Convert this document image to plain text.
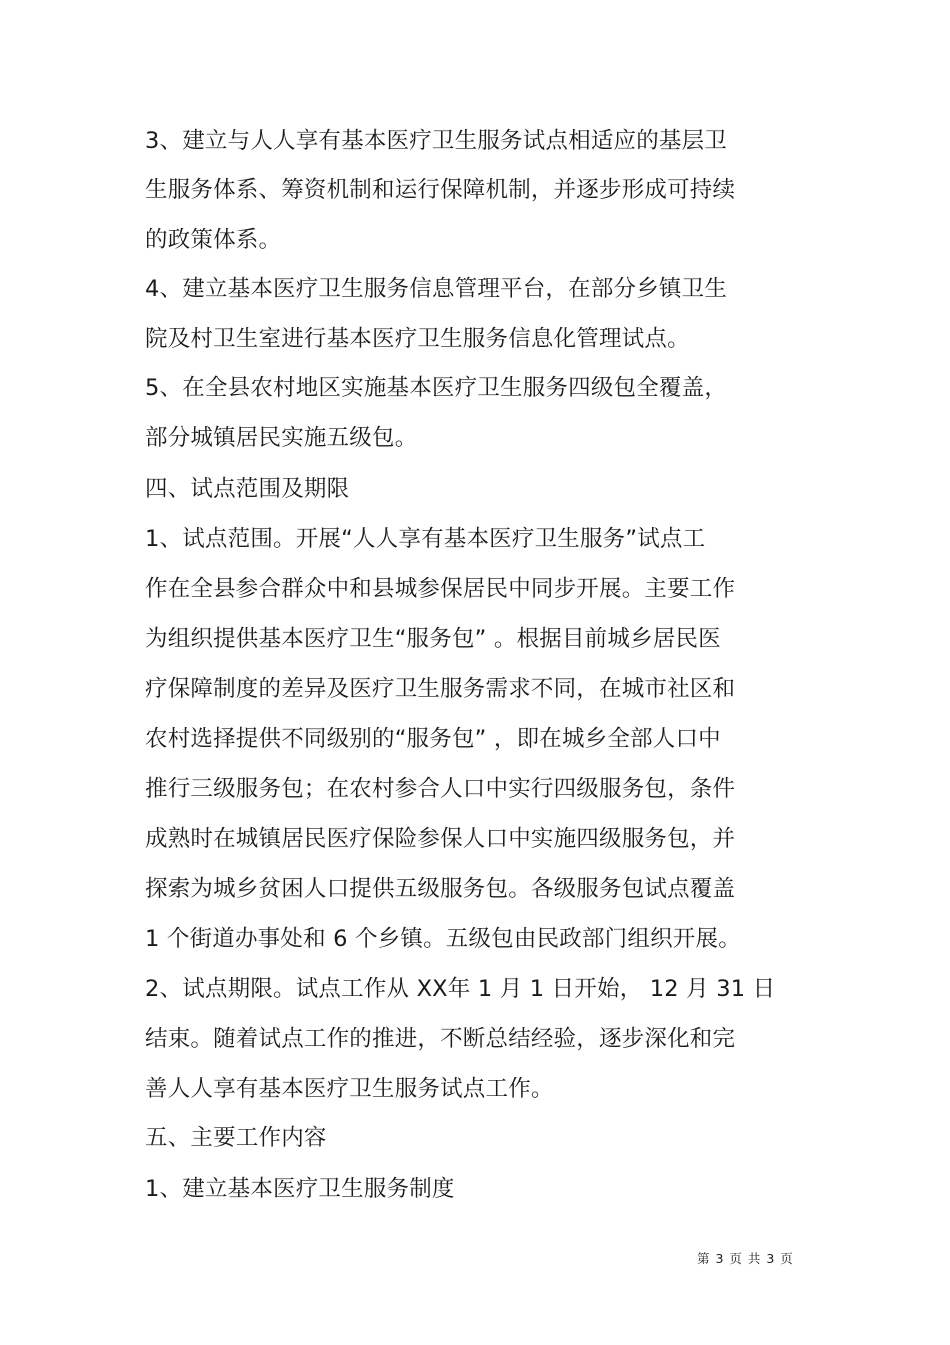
3、建立与人人享有基本医疗卫生服务试点相适应的基层卫
生服务体系、筹资机制和运行保障机制，并逐步形成可持续
的政策体系。
4、建立基本医疗卫生服务信息管理平台，在部分乡镇卫生
院及村卫生室进行基本医疗卫生服务信息化管理试点。
5、在全县农村地区实施基本医疗卫生服务四级包全覆盖，
部分城镇居民实施五级包。
四、试点范围及期限
1、试点范围。开展“人人享有基本医疗卫生服务”试点工
作在全县参合群众中和县城参保居民中同步开展。主要工作
为组织提供基本医疗卫生“服务包” 。根据目前城乡居民医
疗保障制度的差异及医疗卫生服务需求不同，在城市社区和
农村选择提供不同级别的“服务包” ，即在城乡全部人口中
推行三级服务包；在农村参合人口中实行四级服务包，条件
成熟时在城镇居民医疗保险参保人口中实施四级服务包，并
探索为城乡贫困人口提供五级服务包。各级服务包试点覆盖
1 个街道办事处和 6 个乡镇。五级包由民政部门组织开展。
2、试点期限。试点工作从 XX年 1 月 1 日开始， 12 月 31 日
结束。随着试点工作的推进，不断总结经验，逐步深化和完
善人人享有基本医疗卫生服务试点工作。
五、主要工作内容
1、建立基本医疗卫生服务制度
第 3 页 共 3 页
